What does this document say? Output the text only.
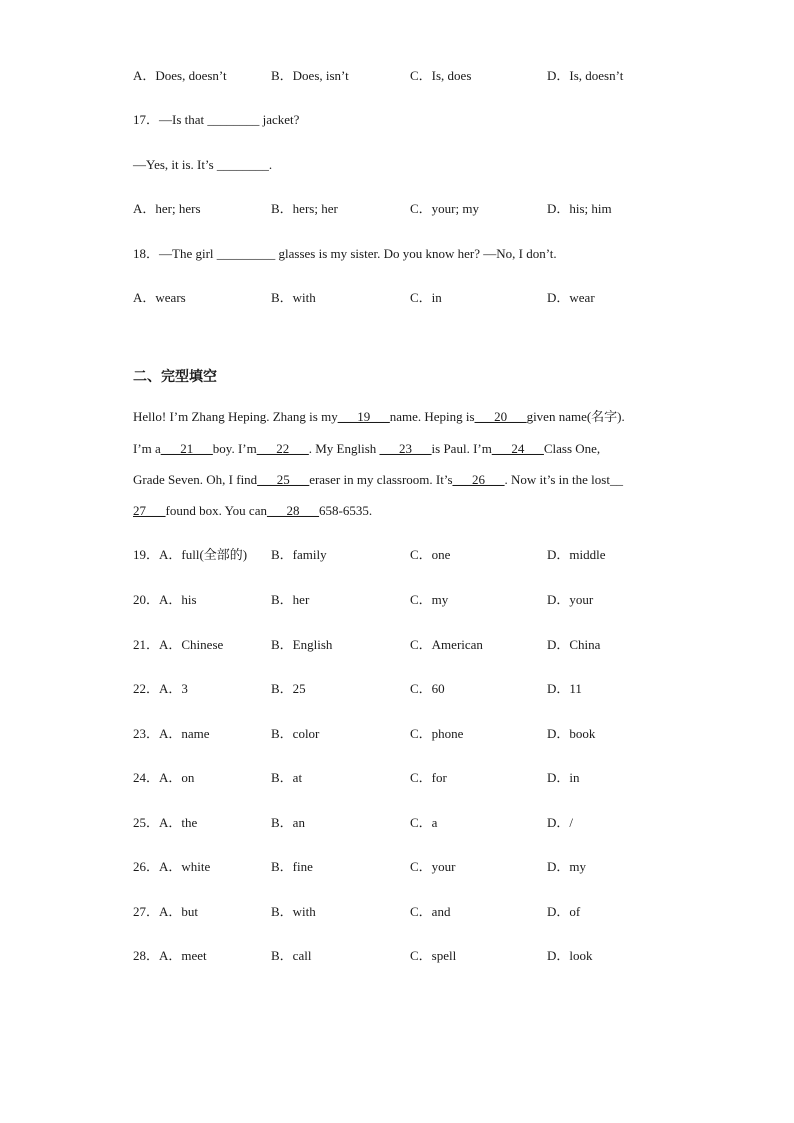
A．Does, doesn’t	B．Does, isn’t	C．Is, does	D．Is, doesn’t
17．—Is that ________ jacket?
—Yes, it is. It’s ________.
A．her; hers	B．hers; her	C．your; my	D．his; him
18．—The girl _________ glasses is my sister. Do you know her? —No, I don’t.
A．wears	B．with	C．in	D．wear
二、完型填空
Hello! I’m Zhang Heping. Zhang is my___19___name. Heping is___20___given name(名字).
I’m a___21___boy. I’m___22___. My English ___23___is Paul. I’m___24___Class One,
Grade Seven. Oh, I find___25___eraser in my classroom. It’s___26___. Now it’s in the lost__
27___found box. You can___28___658-6535.
19．A．full(全部的) B．family	C．one	D．middle
20．A．his	B．her	C．my	D．your
21．A．Chinese	B．English	C．American	D．China
22．A．3	B．25	C．60	D．11
23．A．name	B．color	C．phone	D．book
24．A．on	B．at	C．for	D．in
25．A．the	B．an	C．a	D．/
26．A．white	B．fine	C．your	D．my
27．A．but	B．with	C．and	D．of
28．A．meet	B．call	C．spell	D．look
